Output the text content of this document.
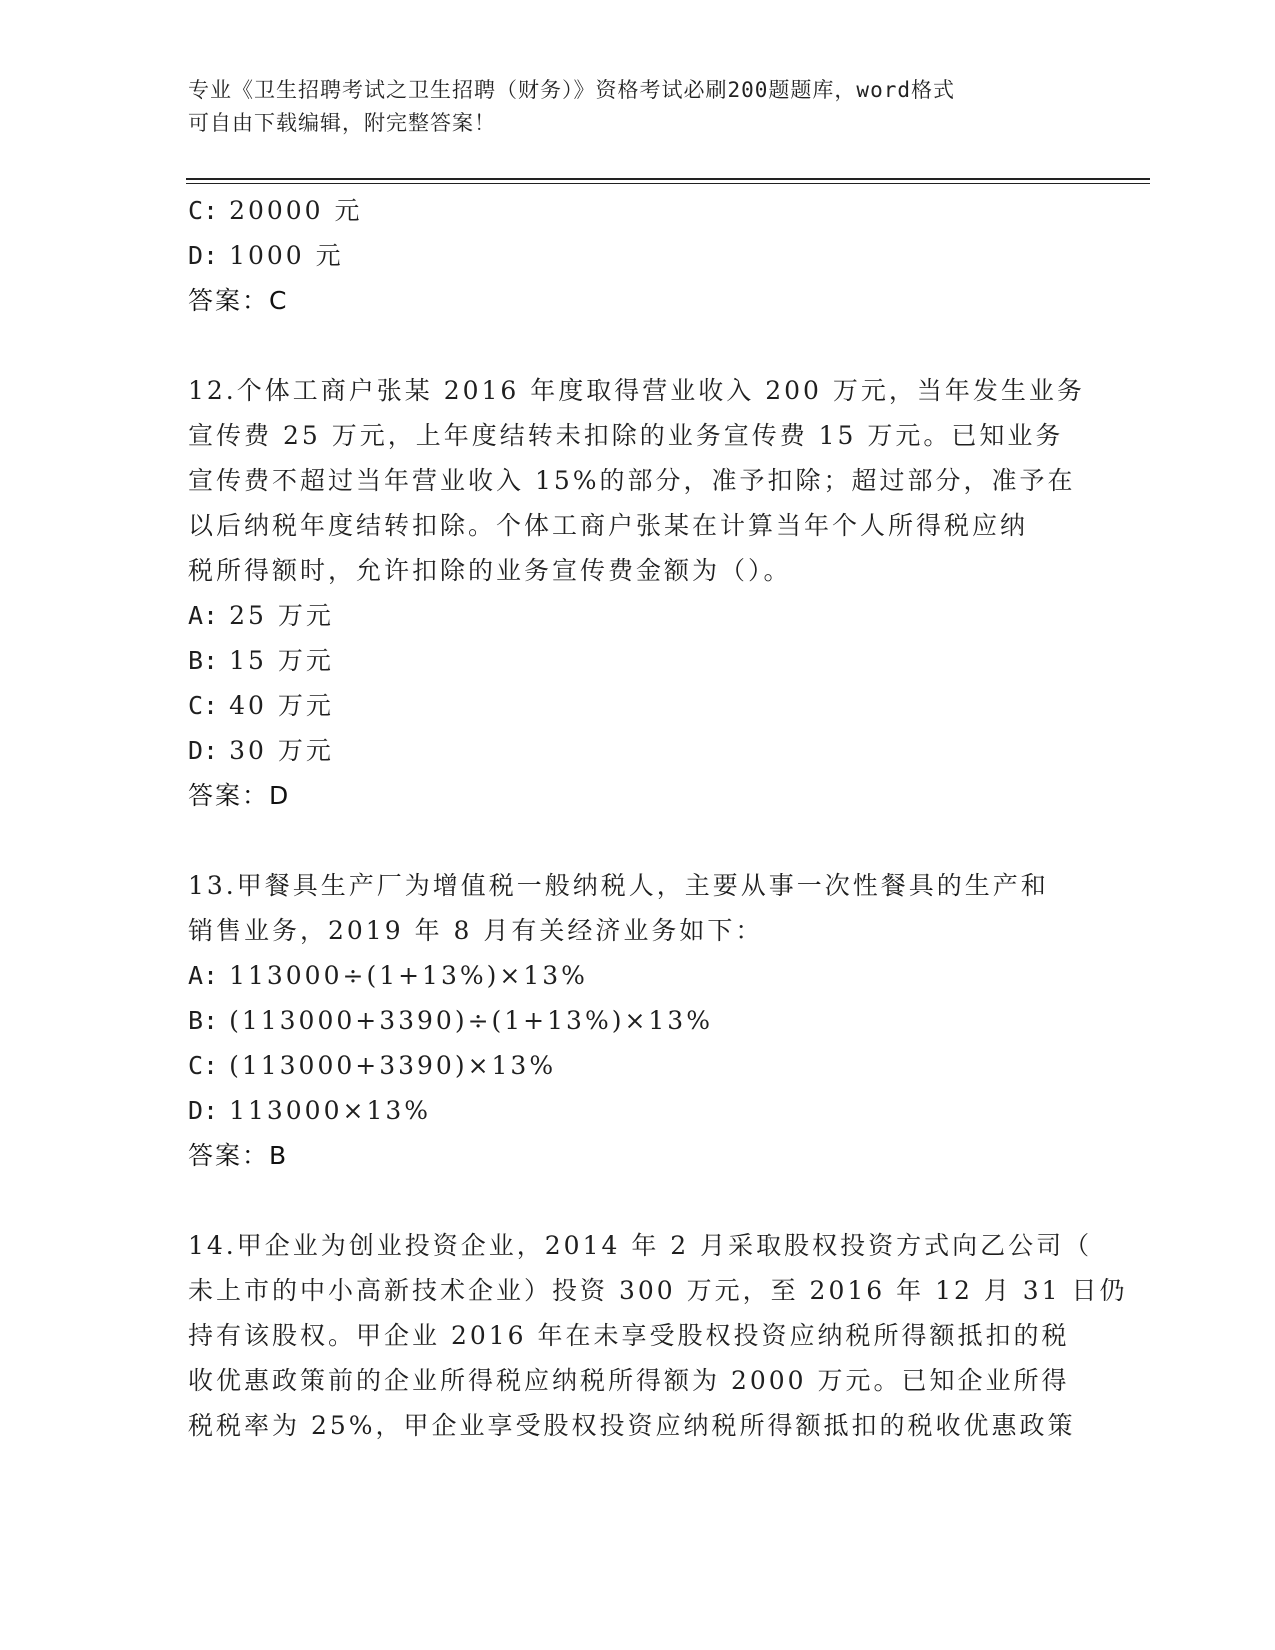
专业《卫生招聘考试之卫生招聘（财务）》资格考试必刷200题题库，word格式
可自由下载编辑，附完整答案！
C: 20000 元
D: 1000 元
答案：C
12.个体工商户张某 2016 年度取得营业收入 200 万元，当年发生业务
宣传费 25 万元，上年度结转未扣除的业务宣传费 15 万元。已知业务
宣传费不超过当年营业收入 15%的部分，准予扣除；超过部分，准予在
以后纳税年度结转扣除。个体工商户张某在计算当年个人所得税应纳
税所得额时，允许扣除的业务宣传费金额为（）。
A: 25 万元
B: 15 万元
C: 40 万元
D: 30 万元
答案：D
13.甲餐具生产厂为增值税一般纳税人，主要从事一次性餐具的生产和
销售业务，2019 年 8 月有关经济业务如下：
A: 113000÷(1+13%)×13%
B: (113000+3390)÷(1+13%)×13%
C: (113000+3390)×13%
D: 113000×13%
答案：B
14.甲企业为创业投资企业，2014 年 2 月采取股权投资方式向乙公司（
未上市的中小高新技术企业）投资 300 万元，至 2016 年 12 月 31 日仍
持有该股权。甲企业 2016 年在未享受股权投资应纳税所得额抵扣的税
收优惠政策前的企业所得税应纳税所得额为 2000 万元。已知企业所得
税税率为 25%，甲企业享受股权投资应纳税所得额抵扣的税收优惠政策
